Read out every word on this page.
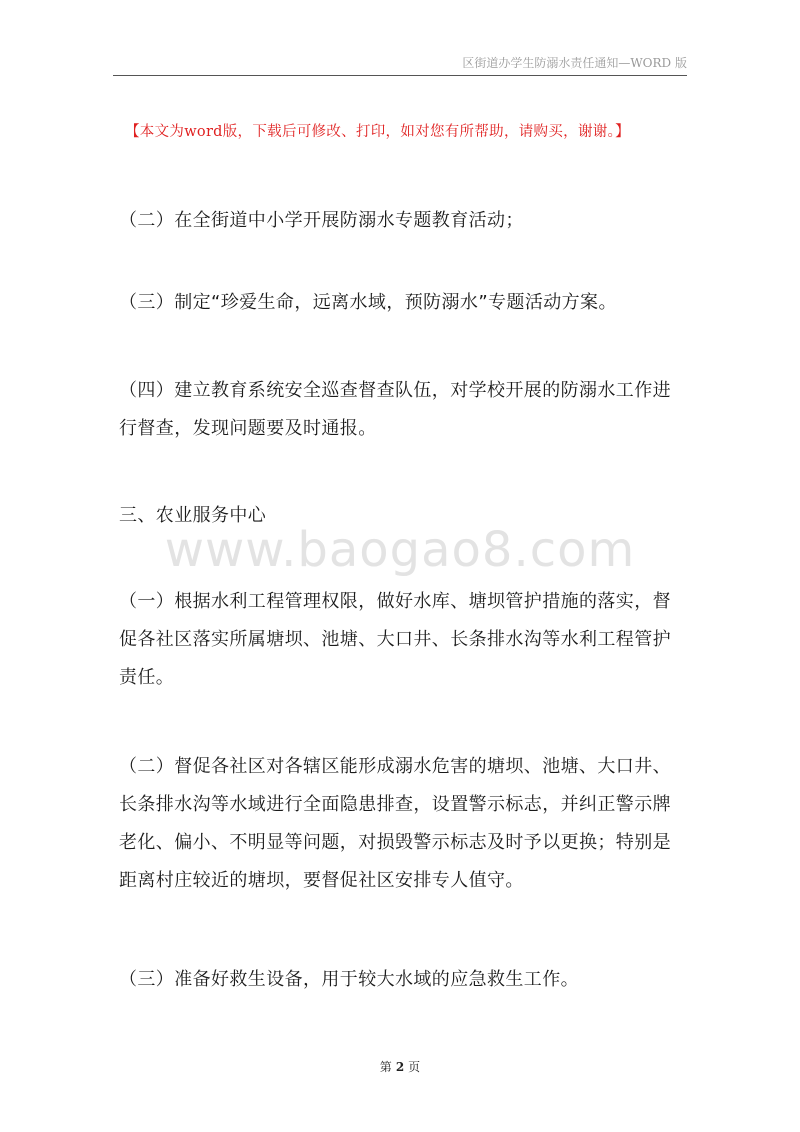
区街道办学生防溺水责任通知—WORD 版
【本文为word版，下载后可修改、打印，如对您有所帮助，请购买，谢谢。】
（二）在全街道中小学开展防溺水专题教育活动；
（三）制定“珍爱生命，远离水域，预防溺水”专题活动方案。
（四）建立教育系统安全巡查督查队伍，对学校开展的防溺水工作进行督查，发现问题要及时通报。
三、农业服务中心
www.baogao8.com
（一）根据水利工程管理权限，做好水库、塘坝管护措施的落实，督促各社区落实所属塘坝、池塘、大口井、长条排水沟等水利工程管护责任。
（二）督促各社区对各辖区能形成溺水危害的塘坝、池塘、大口井、长条排水沟等水域进行全面隐患排查，设置警示标志，并纠正警示牌老化、偏小、不明显等问题，对损毁警示标志及时予以更换；特别是距离村庄较近的塘坝，要督促社区安排专人值守。
（三）准备好救生设备，用于较大水域的应急救生工作。
第 2 页
